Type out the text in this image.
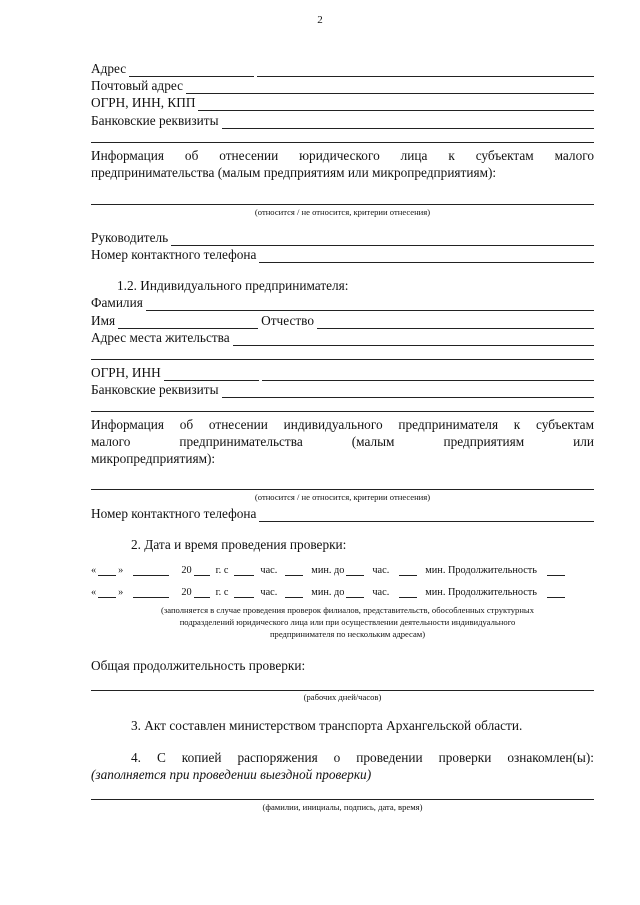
2
Адрес
Почтовый адрес
ОГРН, ИНН, КПП
Банковские реквизиты
Информация об отнесении юридического лица к субъектам малого
предпринимательства (малым предприятиям или микропредприятиям):
(относится / не относится, критерии отнесения)
Руководитель
Номер контактного телефона
1.2. Индивидуального предпринимателя:
Фамилия
Имя	Отчество
Адрес места жительства
ОГРН, ИНН
Банковские реквизиты
Информация об отнесении индивидуального предпринимателя к субъектам
малого предпринимательства (малым предприятиям или
микропредприятиям):
(относится / не относится, критерии отнесения)
Номер контактного телефона
2. Дата и время проведения проверки:
« »	20 г. с	час.	мин. до	час.	мин. Продолжительность
« »	20 г. с	час.	мин. до	час.	мин. Продолжительность
(заполняется в случае проведения проверок филиалов, представительств, обособленных структурных
подразделений юридического лица или при осуществлении деятельности индивидуального
предпринимателя по нескольким адресам)
Общая продолжительность проверки:
(рабочих дней/часов)
3. Акт составлен министерством транспорта Архангельской области.
4. С копией распоряжения о проведении проверки ознакомлен(ы):
(заполняется при проведении выездной проверки)
(фамилии, инициалы, подпись, дата, время)
